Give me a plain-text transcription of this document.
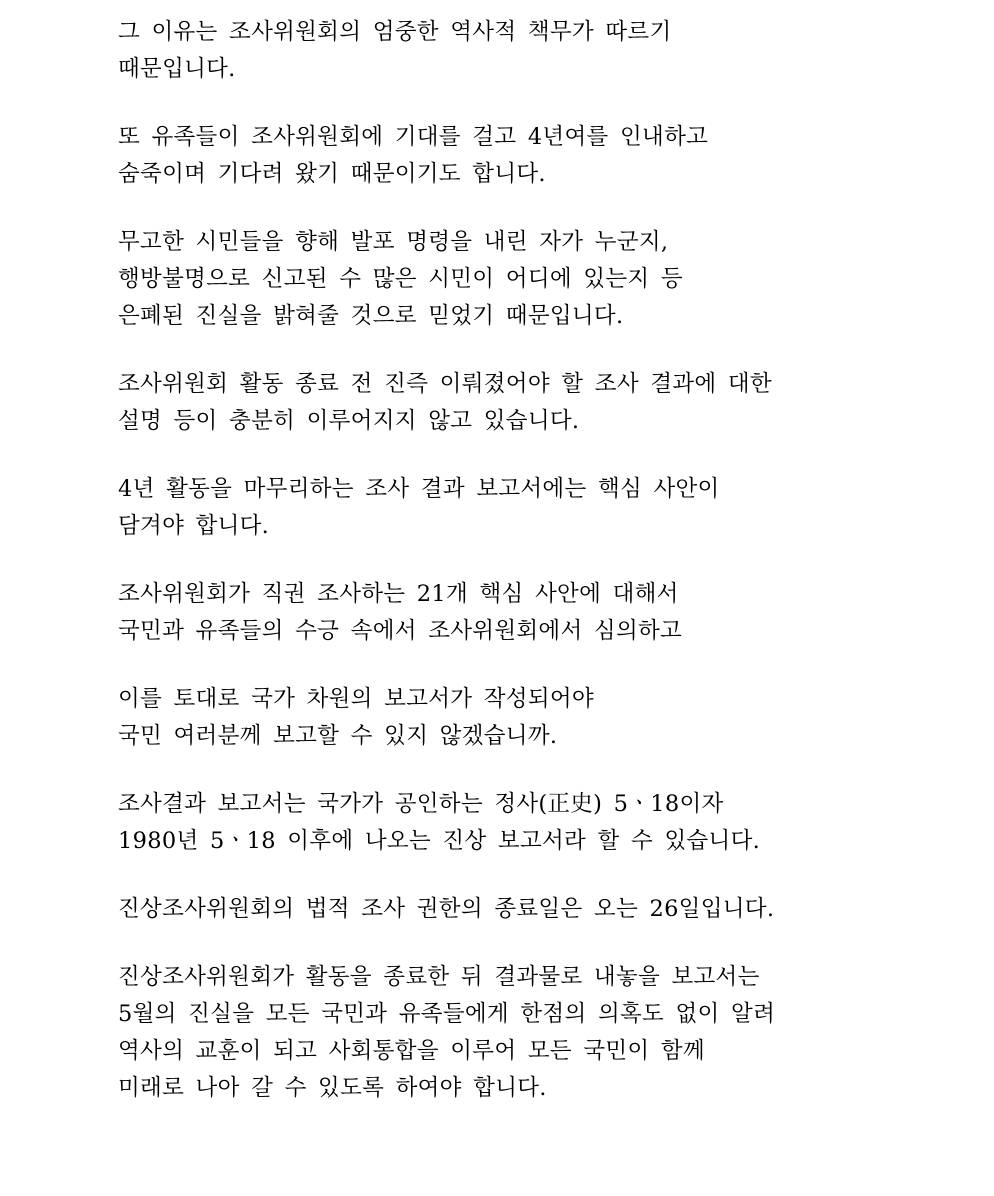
그 이유는 조사위원회의 엄중한 역사적 책무가 따르기
때문입니다.

또 유족들이 조사위원회에 기대를 걸고 4년여를 인내하고
숨죽이며 기다려 왔기 때문이기도 합니다.

무고한 시민들을 향해 발포 명령을 내린 자가 누군지,
행방불명으로 신고된 수 많은 시민이 어디에 있는지 등
은폐된 진실을 밝혀줄 것으로 믿었기 때문입니다.

조사위원회 활동 종료 전 진즉 이뤄졌어야 할 조사 결과에 대한
설명 등이 충분히 이루어지지 않고 있습니다.

4년 활동을 마무리하는 조사 결과 보고서에는 핵심 사안이
담겨야 합니다.

조사위원회가 직권 조사하는 21개 핵심 사안에 대해서
국민과 유족들의 수긍 속에서 조사위원회에서 심의하고

이를 토대로 국가 차원의 보고서가 작성되어야
국민 여러분께 보고할 수 있지 않겠습니까.

조사결과 보고서는 국가가 공인하는 정사(正史) 5ㆍ18이자
1980년 5ㆍ18 이후에 나오는 진상 보고서라 할 수 있습니다.

진상조사위원회의 법적 조사 권한의 종료일은 오는 26일입니다.

진상조사위원회가 활동을 종료한 뒤 결과물로 내놓을 보고서는
5월의 진실을 모든 국민과 유족들에게 한점의 의혹도 없이 알려
역사의 교훈이 되고 사회통합을 이루어 모든 국민이 함께
미래로 나아 갈 수 있도록 하여야 합니다.
